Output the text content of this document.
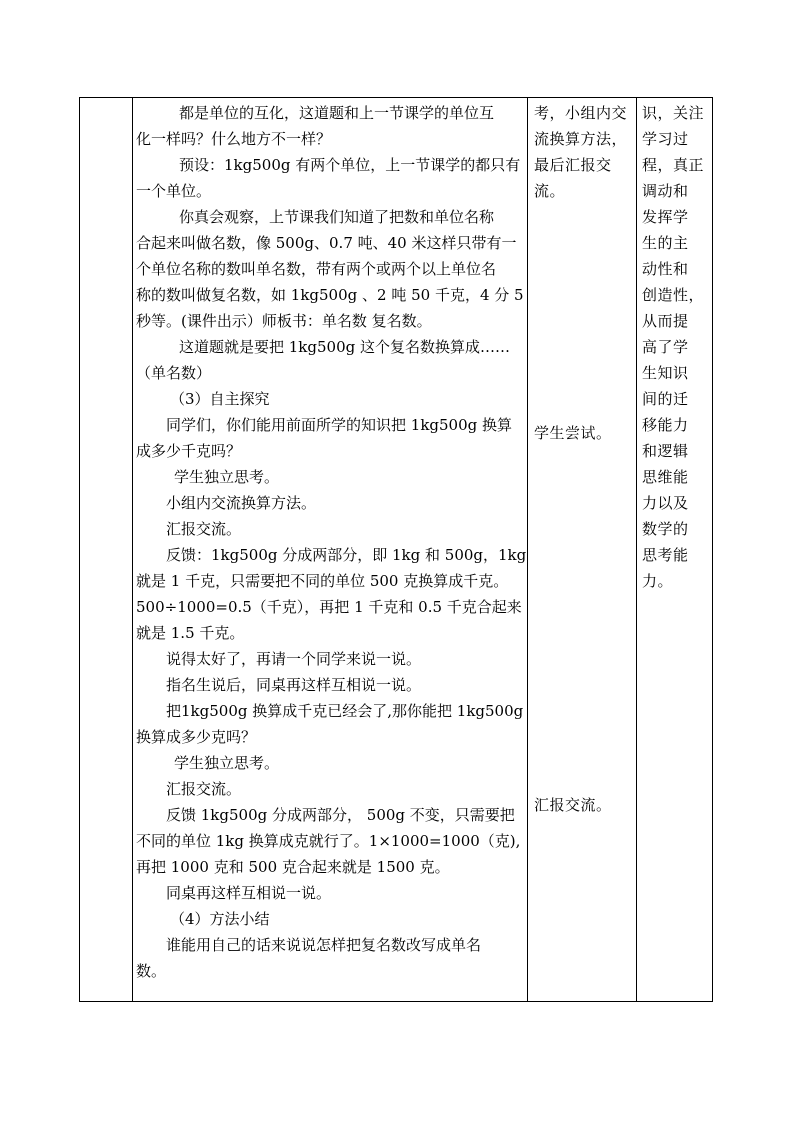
都是单位的互化，这道题和上一节课学的单位互
化一样吗？什么地方不一样？
预设：1kg500g 有两个单位，上一节课学的都只有
一个单位。
你真会观察，上节课我们知道了把数和单位名称
合起来叫做名数，像 500g、0.7 吨、40 米这样只带有一
个单位名称的数叫单名数，带有两个或两个以上单位名
称的数叫做复名数，如 1kg500g 、2 吨 50 千克，4 分 5
秒等。(课件出示）师板书：单名数 复名数。
这道题就是要把 1kg500g 这个复名数换算成……
（单名数）
（3）自主探究
同学们，你们能用前面所学的知识把 1kg500g 换算
成多少千克吗？
学生独立思考。
小组内交流换算方法。
汇报交流。
反馈：1kg500g 分成两部分，即 1kg 和 500g，1kg
就是 1 千克，只需要把不同的单位 500 克换算成千克。
500÷1000=0.5（千克），再把 1 千克和 0.5 千克合起来
就是 1.5 千克。
说得太好了，再请一个同学来说一说。
指名生说后，同桌再这样互相说一说。
把1kg500g 换算成千克已经会了,那你能把 1kg500g
换算成多少克吗？
学生独立思考。
汇报交流。
反馈 1kg500g 分成两部分， 500g 不变，只需要把
不同的单位 1kg 换算成克就行了。1×1000=1000（克),
再把 1000 克和 500 克合起来就是 1500 克。
同桌再这样互相说一说。
（4）方法小结
谁能用自己的话来说说怎样把复名数改写成单名
数。
考，小组内交
流换算方法，
最后汇报交
流。
学生尝试。
汇报交流。
识，关注
学习过
程，真正
调动和
发挥学
生的主
动性和
创造性，
从而提
高了学
生知识
间的迁
移能力
和逻辑
思维能
力以及
数学的
思考能
力。
